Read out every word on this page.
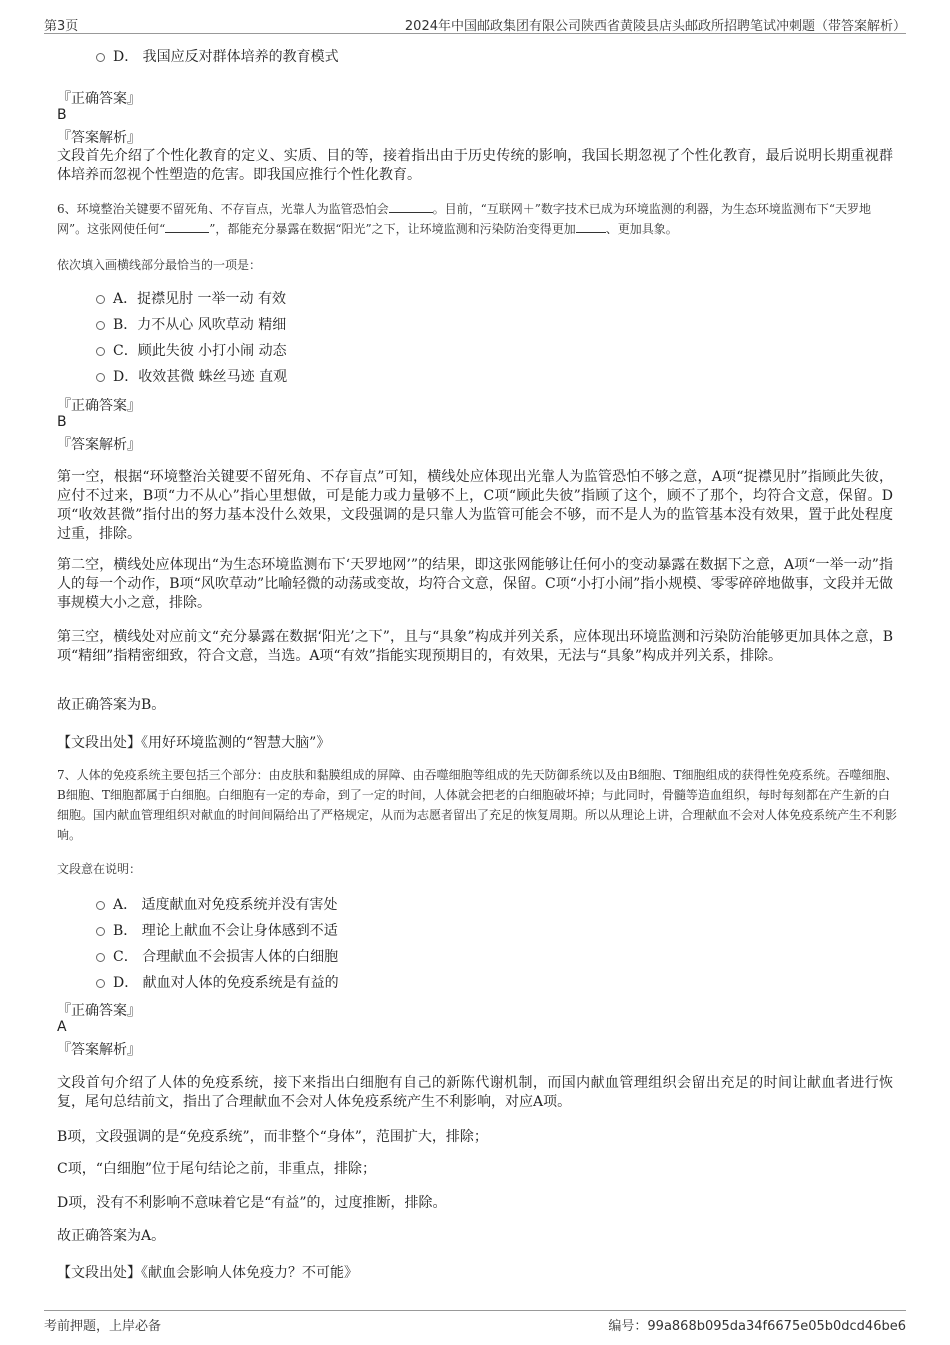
第3页	2024年中国邮政集团有限公司陕西省黄陵县店头邮政所招聘笔试冲刺题（带答案解析）
D． 我国应反对群体培养的教育模式
『正确答案』
B
『答案解析』
文段首先介绍了个性化教育的定义、实质、目的等，接着指出由于历史传统的影响，我国长期忽视了个性化教育，最后说明长期重视群体培养而忽视个性塑造的危害。即我国应推行个性化教育。
6、环境整治关键要不留死角、不存盲点，光靠人为监管恐怕会	。目前，“互联网＋”数字技术已成为环境监测的利器，为生态环境监测布下“天罗地网”。这张网使任何“	”，都能充分暴露在数据“阳光”之下，让环境监测和污染防治变得更加	、更加具象。
依次填入画横线部分最恰当的一项是：
A．捉襟见肘 一举一动 有效
B．力不从心 风吹草动 精细
C．顾此失彼 小打小闹 动态
D．收效甚微 蛛丝马迹 直观
『正确答案』
B
『答案解析』
第一空，根据“环境整治关键要不留死角、不存盲点”可知，横线处应体现出光靠人为监管恐怕不够之意，A项“捉襟见肘”指顾此失彼，应付不过来，B项“力不从心”指心里想做，可是能力或力量够不上，C项“顾此失彼”指顾了这个，顾不了那个，均符合文意，保留。D项“收效甚微”指付出的努力基本没什么效果，文段强调的是只靠人为监管可能会不够，而不是人为的监管基本没有效果，置于此处程度过重，排除。
第二空，横线处应体现出“为生态环境监测布下‘天罗地网’”的结果，即这张网能够让任何小的变动暴露在数据下之意，A项“一举一动”指人的每一个动作，B项“风吹草动”比喻轻微的动荡或变故，均符合文意，保留。C项“小打小闹”指小规模、零零碎碎地做事，文段并无做事规模大小之意，排除。
第三空，横线处对应前文“充分暴露在数据‘阳光’之下”，且与“具象”构成并列关系，应体现出环境监测和污染防治能够更加具体之意，B项“精细”指精密细致，符合文意，当选。A项“有效”指能实现预期目的，有效果，无法与“具象”构成并列关系，排除。
故正确答案为B。
【文段出处】《用好环境监测的“智慧大脑”》
7、人体的免疫系统主要包括三个部分：由皮肤和黏膜组成的屏障、由吞噬细胞等组成的先天防御系统以及由B细胞、T细胞组成的获得性免疫系统。吞噬细胞、B细胞、T细胞都属于白细胞。白细胞有一定的寿命，到了一定的时间，人体就会把老的白细胞破坏掉；与此同时，骨髓等造血组织，每时每刻都在产生新的白细胞。国内献血管理组织对献血的时间间隔给出了严格规定，从而为志愿者留出了充足的恢复周期。所以从理论上讲，合理献血不会对人体免疫系统产生不利影响。
文段意在说明：
A． 适度献血对免疫系统并没有害处
B． 理论上献血不会让身体感到不适
C． 合理献血不会损害人体的白细胞
D． 献血对人体的免疫系统是有益的
『正确答案』
A
『答案解析』
文段首句介绍了人体的免疫系统，接下来指出白细胞有自己的新陈代谢机制，而国内献血管理组织会留出充足的时间让献血者进行恢复，尾句总结前文，指出了合理献血不会对人体免疫系统产生不利影响，对应A项。
B项，文段强调的是“免疫系统”，而非整个“身体”，范围扩大，排除；
C项，“白细胞”位于尾句结论之前，非重点，排除；
D项，没有不利影响不意味着它是“有益”的，过度推断，排除。
故正确答案为A。
【文段出处】《献血会影响人体免疫力？不可能》
考前押题，上岸必备	编号：99a868b095da34f6675e05b0dcd46be6
